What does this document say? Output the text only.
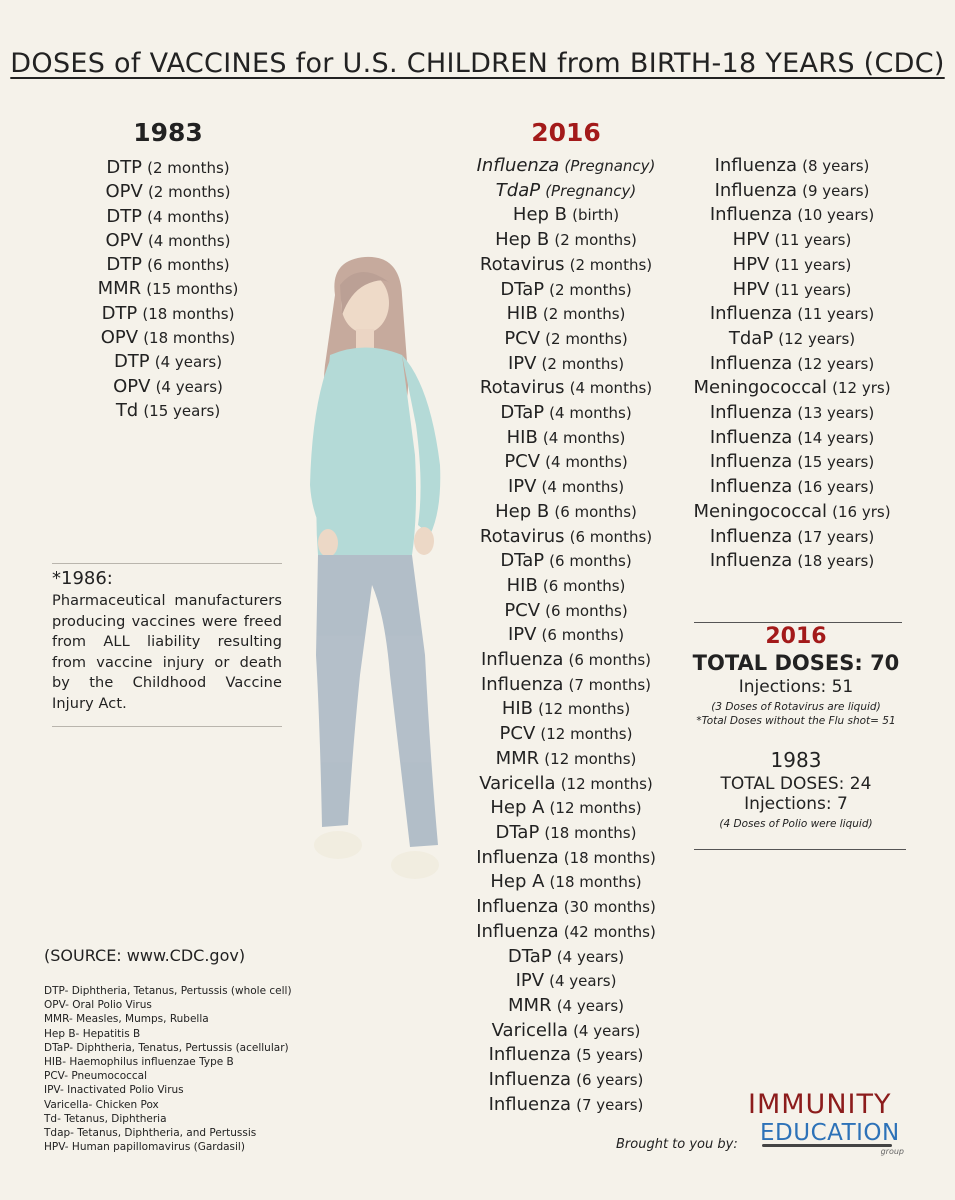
DOSES of VACCINES for U.S. CHILDREN from BIRTH-18 YEARS (CDC)
1983
DTP (2 months)
OPV (2 months)
DTP (4 months)
OPV (4 months)
DTP (6 months)
MMR (15 months)
DTP (18 months)
OPV (18 months)
DTP (4 years)
OPV (4 years)
Td (15 years)
2016
Influenza (Pregnancy)
TdaP (Pregnancy)
Hep B (birth)
Hep B (2 months)
Rotavirus (2 months)
DTaP (2 months)
HIB (2 months)
PCV (2 months)
IPV (2 months)
Rotavirus (4 months)
DTaP (4 months)
HIB (4 months)
PCV (4 months)
IPV (4 months)
Hep B (6 months)
Rotavirus (6 months)
DTaP (6 months)
HIB (6 months)
PCV (6 months)
IPV (6 months)
Influenza (6 months)
Influenza (7 months)
HIB (12 months)
PCV (12 months)
MMR (12 months)
Varicella (12 months)
Hep A (12 months)
DTaP (18 months)
Influenza (18 months)
Hep A (18 months)
Influenza (30 months)
Influenza (42 months)
DTaP (4 years)
IPV (4 years)
MMR (4 years)
Varicella (4 years)
Influenza (5 years)
Influenza (6 years)
Influenza (7 years)
Influenza (8 years)
Influenza (9 years)
Influenza (10 years)
HPV (11 years)
HPV (11 years)
HPV (11 years)
Influenza (11 years)
TdaP (12 years)
Influenza (12 years)
Meningococcal (12 yrs)
Influenza (13 years)
Influenza (14 years)
Influenza (15 years)
Influenza (16 years)
Meningococcal (16 yrs)
Influenza (17 years)
Influenza (18 years)
*1986:
Pharmaceutical manufacturers producing vaccines were freed from ALL liability resulting from vaccine injury or death by the Childhood Vaccine Injury Act.
2016
TOTAL DOSES: 70
Injections: 51
(3 Doses of Rotavirus are liquid)
*Total Doses without the Flu shot= 51
1983
TOTAL DOSES: 24
Injections: 7
(4 Doses of Polio were liquid)
(SOURCE: www.CDC.gov)
DTP- Diphtheria, Tetanus, Pertussis (whole cell)
OPV- Oral Polio Virus
MMR- Measles, Mumps, Rubella
Hep B- Hepatitis B
DTaP- Diphtheria, Tenatus, Pertussis (acellular)
HIB- Haemophilus influenzae Type B
PCV- Pneumococcal
IPV- Inactivated Polio Virus
Varicella- Chicken Pox
Td- Tetanus, Diphtheria
Tdap- Tetanus, Diphtheria, and Pertussis
HPV- Human papillomavirus (Gardasil)	Brought to you by:
IMMUNITY
EDUCATION
group
